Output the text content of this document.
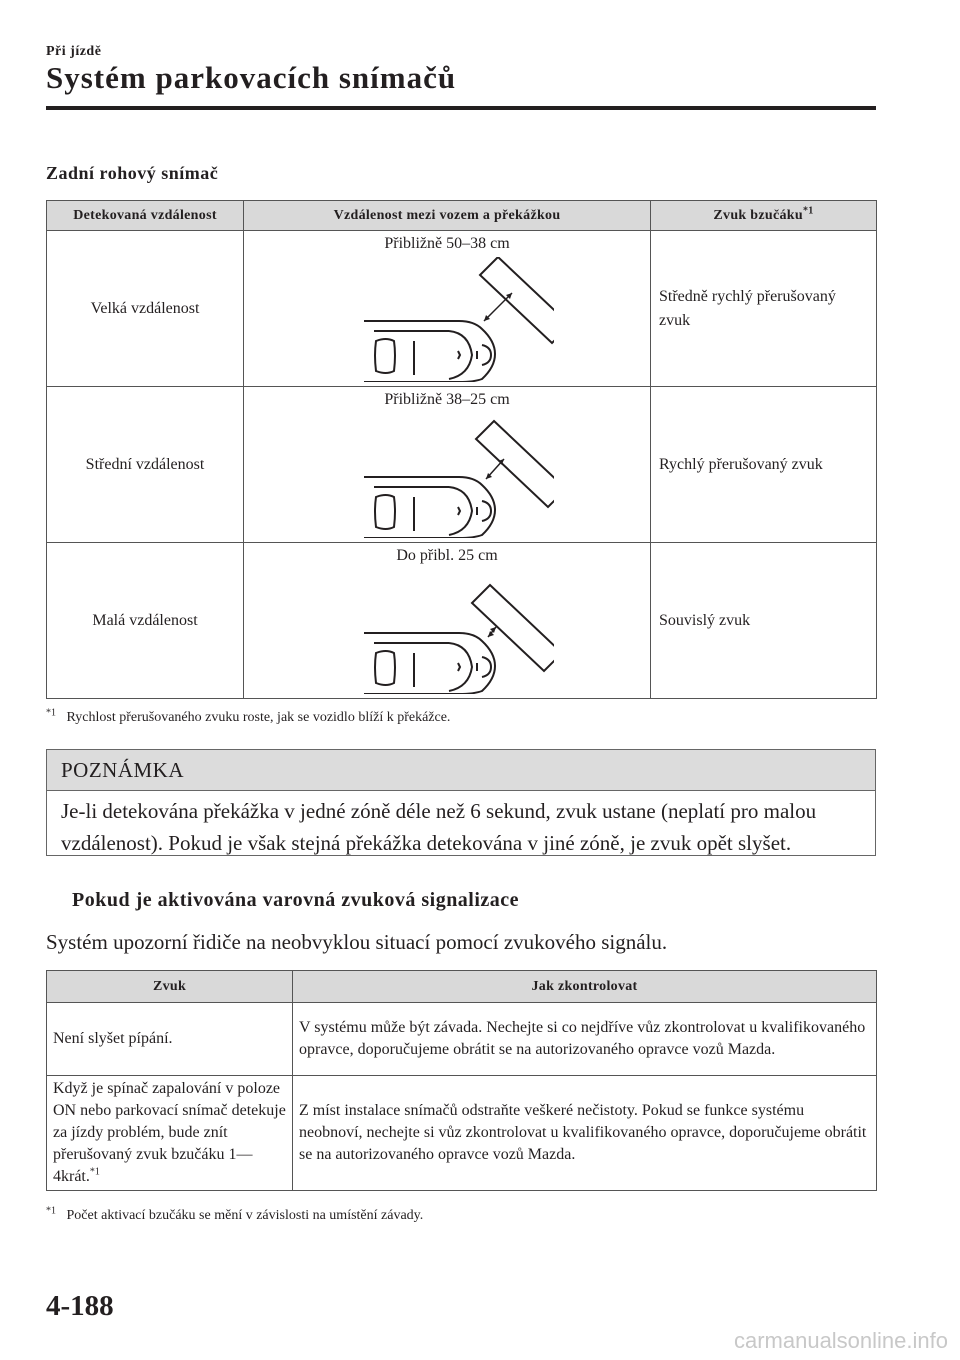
Při jízdě
Systém parkovacích snímačů
Zadní rohový snímač
Detekovaná vzdálenost	Vzdálenost mezi vozem a překážkou	Zvuk bzučáku$^{*1}$
Velká vzdálenost	Přibližně 50–38 cm	Středně rychlý přerušovaný zvuk
Střední vzdálenost	Přibližně 38–25 cm	Rychlý přerušovaný zvuk
Malá vzdálenost	Do přibl. 25 cm	Souvislý zvuk
$^{*1}$ Rychlost přerušovaného zvuku roste, jak se vozidlo blíží k překážce.
POZNÁMKA
Je-li detekována překážka v jedné zóně déle než 6 sekund, zvuk ustane (neplatí pro malou vzdálenost). Pokud je však stejná překážka detekována v jiné zóně, je zvuk opět slyšet.
Pokud je aktivována varovná zvuková signalizace
Systém upozorní řidiče na neobvyklou situací pomocí zvukového signálu.
Zvuk	Jak zkontrolovat
Není slyšet pípání.	V systému může být závada. Nechejte si co nejdříve vůz zkontrolovat u kvalifikovaného opravce, doporučujeme obrátit se na autorizovaného opravce vozů Mazda.
Když je spínač zapalování v poloze ON nebo parkovací snímač detekuje za jízdy problém, bude znít přerušovaný zvuk bzučáku 1—4krát.$^{*1}$	Z míst instalace snímačů odstraňte veškeré nečistoty. Pokud se funkce systému neobnoví, nechejte si vůz zkontrolovat u kvalifikovaného opravce, doporučujeme obrátit se na autorizovaného opravce vozů Mazda.
$^{*1}$ Počet aktivací bzučáku se mění v závislosti na umístění závady.
4-188
carmanualsonline.info
